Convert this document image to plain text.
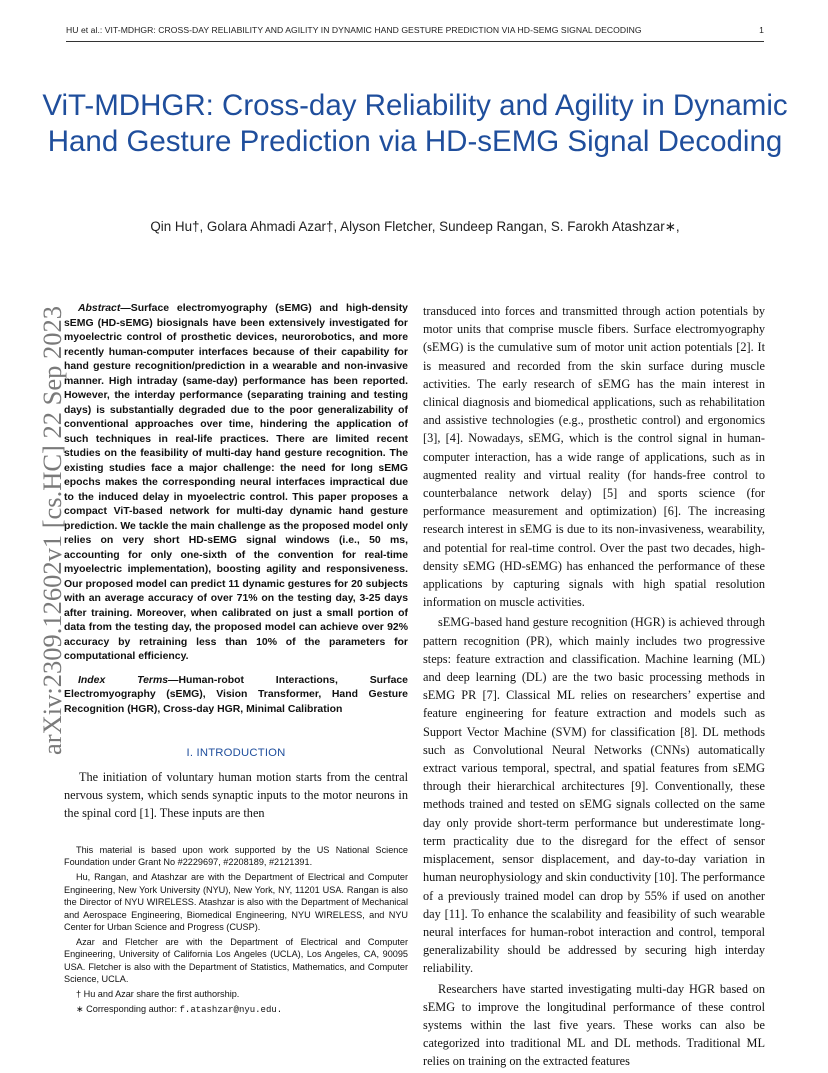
HU et al.: VIT-MDHGR: CROSS-DAY RELIABILITY AND AGILITY IN DYNAMIC HAND GESTURE PREDICTION VIA HD-SEMG SIGNAL DECODING	1
ViT-MDHGR: Cross-day Reliability and Agility in Dynamic Hand Gesture Prediction via HD-sEMG Signal Decoding
Qin Hu†, Golara Ahmadi Azar†, Alyson Fletcher, Sundeep Rangan, S. Farokh Atashzar∗,
arXiv:2309.12602v1 [cs.HC] 22 Sep 2023	Abstract—Surface electromyography (sEMG) and high-density sEMG (HD-sEMG) biosignals have been extensively investigated for myoelectric control of prosthetic devices, neurorobotics, and more recently human-computer interfaces because of their capability for hand gesture recognition/prediction in a wearable and non-invasive manner. High intraday (same-day) performance has been reported. However, the interday performance (separating training and testing days) is substantially degraded due to the poor generalizability of conventional approaches over time, hindering the application of such techniques in real-life practices. There are limited recent studies on the feasibility of multi-day hand gesture recognition. The existing studies face a major challenge: the need for long sEMG epochs makes the corresponding neural interfaces impractical due to the induced delay in myoelectric control. This paper proposes a compact ViT-based network for multi-day dynamic hand gesture prediction. We tackle the main challenge as the proposed model only relies on very short HD-sEMG signal windows (i.e., 50 ms, accounting for only one-sixth of the convention for real-time myoelectric implementation), boosting agility and responsiveness. Our proposed model can predict 11 dynamic gestures for 20 subjects with an average accuracy of over 71% on the testing day, 3-25 days after training. Moreover, when calibrated on just a small portion of data from the testing day, the proposed model can achieve over 92% accuracy by retraining less than 10% of the parameters for computational efficiency.

Index Terms—Human-robot Interactions, Surface Electromyography (sEMG), Vision Transformer, Hand Gesture Recognition (HGR), Cross-day HGR, Minimal Calibration

I. INTRODUCTION

The initiation of voluntary human motion starts from the central nervous system, which sends synaptic inputs to the motor neurons in the spinal cord [1]. These inputs are then

This material is based upon work supported by the US National Science Foundation under Grant No #2229697, #2208189, #2121391.

Hu, Rangan, and Atashzar are with the Department of Electrical and Computer Engineering, New York University (NYU), New York, NY, 11201 USA. Rangan is also the Director of NYU WIRELESS. Atashzar is also with the Department of Mechanical and Aerospace Engineering, Biomedical Engineering, NYU WIRELESS, and NYU Center for Urban Science and Progress (CUSP).

Azar and Fletcher are with the Department of Electrical and Computer Engineering, University of California Los Angeles (UCLA), Los Angeles, CA, 90095 USA. Fletcher is also with the Department of Statistics, Mathematics, and Computer Science, UCLA.

† Hu and Azar share the first authorship.

∗ Corresponding author: f.atashzar@nyu.edu.

transduced into forces and transmitted through action potentials by motor units that comprise muscle fibers. Surface electromyography (sEMG) is the cumulative sum of motor unit action potentials [2]. It is measured and recorded from the skin surface during muscle activities. The early research of sEMG has the main interest in clinical diagnosis and biomedical applications, such as rehabilitation and assistive technologies (e.g., prosthetic control) and ergonomics [3], [4]. Nowadays, sEMG, which is the control signal in human-computer interaction, has a wide range of applications, such as in augmented reality and virtual reality (for hands-free control to counterbalance network delay) [5] and sports science (for performance measurement and optimization) [6]. The increasing research interest in sEMG is due to its non-invasiveness, wearability, and potential for real-time control. Over the past two decades, high-density sEMG (HD-sEMG) has enhanced the performance of these applications by capturing signals with high spatial resolution information on muscle activities.

sEMG-based hand gesture recognition (HGR) is achieved through pattern recognition (PR), which mainly includes two progressive steps: feature extraction and classification. Machine learning (ML) and deep learning (DL) are the two basic processing methods in sEMG PR [7]. Classical ML relies on researchers’ expertise and feature engineering for feature extraction and models such as Support Vector Machine (SVM) for classification [8]. DL methods such as Convolutional Neural Networks (CNNs) automatically extract various temporal, spectral, and spatial features from sEMG through their hierarchical architectures [9]. Conventionally, these methods trained and tested on sEMG signals collected on the same day only provide short-term performance but underestimate long-term practicality due to the disregard for the effect of sensor misplacement, sensor displacement, and day-to-day variation in human neurophysiology and skin conductivity [10]. The performance of a previously trained model can drop by 55% if used on another day [11]. To enhance the scalability and feasibility of such wearable neural interfaces for human-robot interaction and control, temporal generalizability should be addressed by securing high interday reliability.

Researchers have started investigating multi-day HGR based on sEMG to improve the longitudinal performance of these control systems within the last five years. These works can also be categorized into traditional ML and DL methods. Traditional ML relies on training on the extracted features
